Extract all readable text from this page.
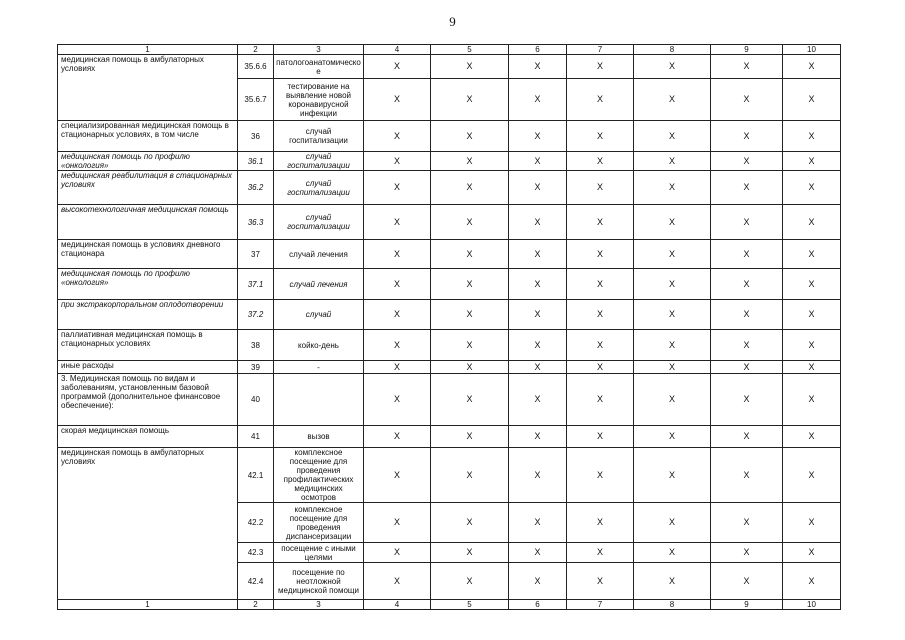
9
1	2	3	4	5	6	7	8	9	10
медицинская помощь в амбулаторных условиях	35.6.6	патологоанатомическо е	X	X	X	X	X	X	X
	35.6.7	тестирование на выявление новой коронавирусной инфекции	X	X	X	X	X	X	X
специализированная медицинская помощь в стационарных условиях, в том числе	36	случай госпитализации	X	X	X	X	X	X	X
медицинская помощь по профилю «онкология»	36.1	случай госпитализации	X	X	X	X	X	X	X
медицинская реабилитация в стационарных условиях	36.2	случай госпитализации	X	X	X	X	X	X	X
высокотехнологичная медицинская помощь	36.3	случай госпитализации	X	X	X	X	X	X	X
медицинская помощь в условиях дневного стационара	37	случай лечения	X	X	X	X	X	X	X
медицинская помощь по профилю «онкология»	37.1	случай лечения	X	X	X	X	X	X	X
при экстракорпоральном оплодотворении	37.2	случай	X	X	X	X	X	X	X
паллиативная медицинская помощь в стационарных условиях	38	койко-день	X	X	X	X	X	X	X
иные расходы	39	-	X	X	X	X	X	X	X
3. Медицинская помощь по видам и заболеваниям, установленным базовой программой (дополнительное финансовое обеспечение):	40		X	X	X	X	X	X	X
скорая медицинская помощь	41	вызов	X	X	X	X	X	X	X
медицинская помощь в амбулаторных условиях	42.1	комплексное посещение для проведения профилактических медицинских осмотров	X	X	X	X	X	X	X
	42.2	комплексное посещение для проведения диспансеризации	X	X	X	X	X	X	X
	42.3	посещение с иными целями	X	X	X	X	X	X	X
	42.4	посещение по неотложной медицинской помощи	X	X	X	X	X	X	X
1	2	3	4	5	6	7	8	9	10
